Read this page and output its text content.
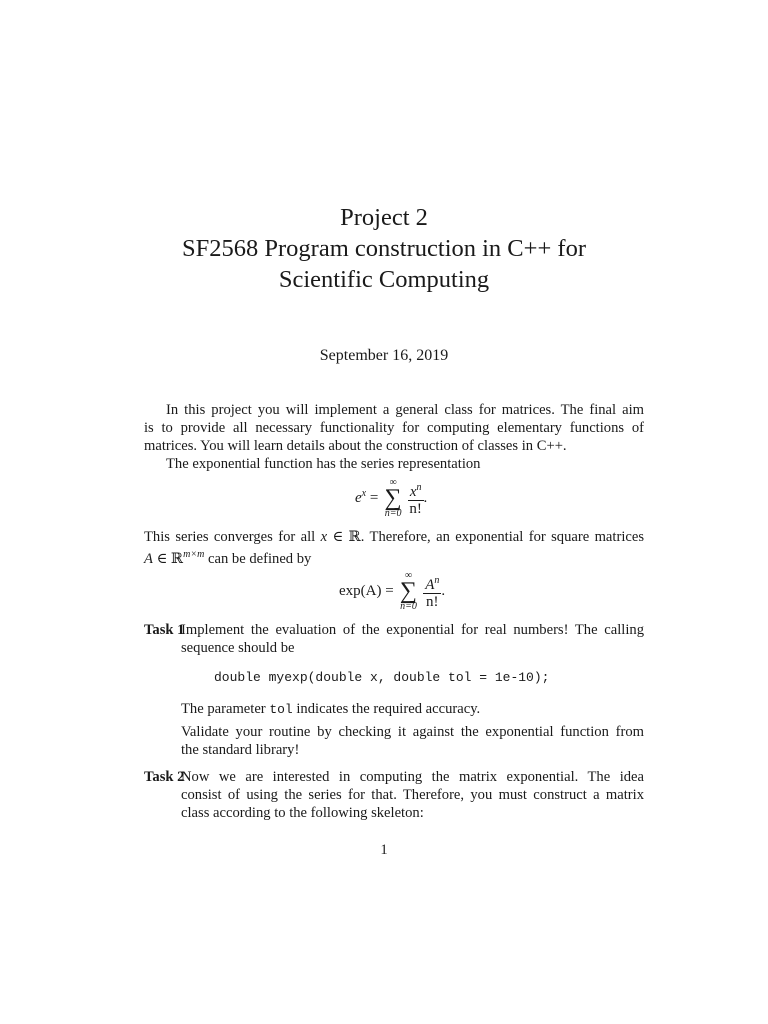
Project 2
SF2568 Program construction in C++ for
Scientific Computing
September 16, 2019
In this project you will implement a general class for matrices. The final aim
is to provide all necessary functionality for computing elementary functions of
matrices. You will learn details about the construction of classes in C++.
The exponential function has the series representation
$e^x$ =
∞
∑
n=0
$\frac{x^n}{n!}$ .
This series converges for all x ∈ ℝ. Therefore, an exponential for square matrices
A ∈ ℝ$^{m\times m}$ can be defined by
exp(A) =
∞
∑
n=0
$\frac{A^n}{n!}$ .
Task 1
Implement the evaluation of the exponential for real numbers! The calling
sequence should be
double myexp(double x, double tol = 1e-10);
The parameter tol indicates the required accuracy.
Validate your routine by checking it against the exponential function from
the standard library!
Task 2
Now we are interested in computing the matrix exponential. The idea
consist of using the series for that. Therefore, you must construct a matrix
class according to the following skeleton:
1
